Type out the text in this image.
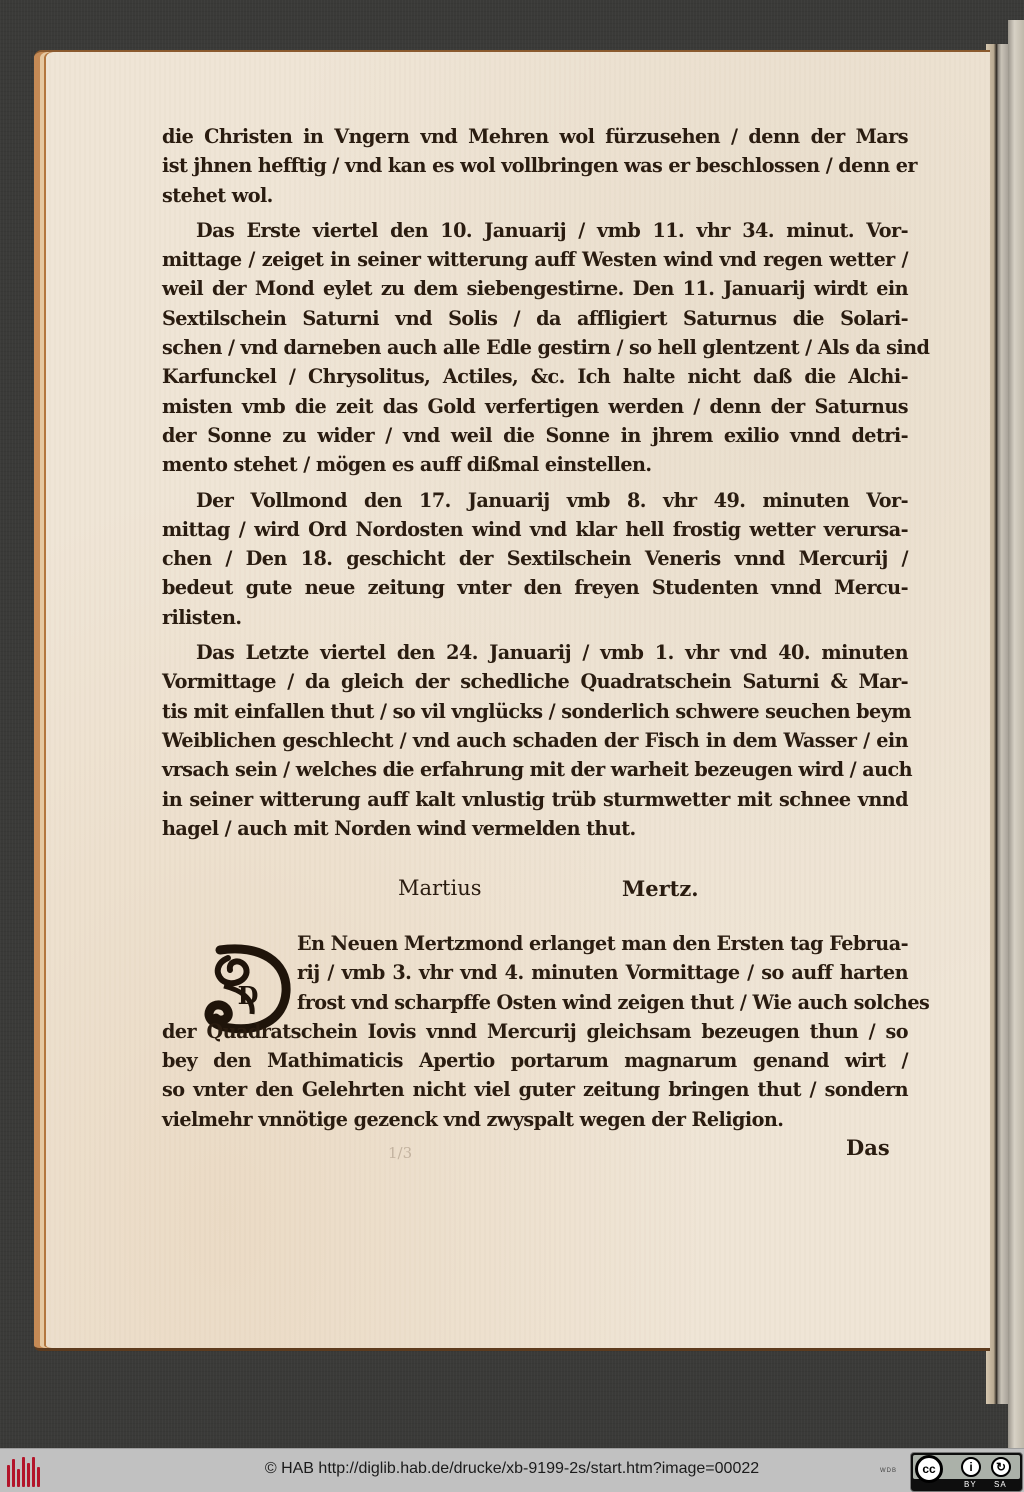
die Christen in Vngern vnd Mehren wol fürzusehen / denn der Mars
ist jhnen hefftig / vnd kan es wol vollbringen was er beschlossen / denn er
stehet wol.

Das Erste viertel den 10. Januarij / vmb 11. vhr 34. minut. Vor-
mittage / zeiget in seiner witterung auff Westen wind vnd regen wetter /
weil der Mond eylet zu dem siebengestirne. Den 11. Januarij wirdt ein
Sextilschein Saturni vnd Solis / da affligiert Saturnus die Solari-
schen / vnd darneben auch alle Edle gestirn / so hell glentzent / Als da sind
Karfunckel / Chrysolitus, Actiles, &c. Ich halte nicht daß die Alchi-
misten vmb die zeit das Gold verfertigen werden / denn der Saturnus
der Sonne zu wider / vnd weil die Sonne in jhrem exilio vnnd detri-
mento stehet / mögen es auff dißmal einstellen.

Der Vollmond den 17. Januarij vmb 8. vhr 49. minuten Vor-
mittag / wird Ord Nordosten wind vnd klar hell frostig wetter verursa-
chen / Den 18. geschicht der Sextilschein Veneris vnnd Mercurij /
bedeut gute neue zeitung vnter den freyen Studenten vnnd Mercu-
rilisten.

Das Letzte viertel den 24. Januarij / vmb 1. vhr vnd 40. minuten
Vormittage / da gleich der schedliche Quadratschein Saturni & Mar-
tis mit einfallen thut / so vil vnglücks / sonderlich schwere seuchen beym
Weiblichen geschlecht / vnd auch schaden der Fisch in dem Wasser / ein
vrsach sein / welches die erfahrung mit der warheit bezeugen wird / auch
in seiner witterung auff kalt vnlustig trüb sturmwetter mit schnee vnnd
hagel / auch mit Norden wind vermelden thut.

Martius	Mertz.
D
En Neuen Mertzmond erlanget man den Ersten tag Februa-
rij / vmb 3. vhr vnd 4. minuten Vormittage / so auff harten
frost vnd scharpffe Osten wind zeigen thut / Wie auch solches
der Quadratschein Iovis vnnd Mercurij gleichsam bezeugen thun / so
bey den Mathimaticis Apertio portarum magnarum genand wirt /
so vnter den Gelehrten nicht viel guter zeitung bringen thut / sondern
vielmehr vnnötige gezenck vnd zwyspalt wegen der Religion.
1/3	Das
© HAB http://diglib.hab.de/drucke/xb-9199-2s/start.htm?image=00022	WDB	cc	i	↻
BY SA
